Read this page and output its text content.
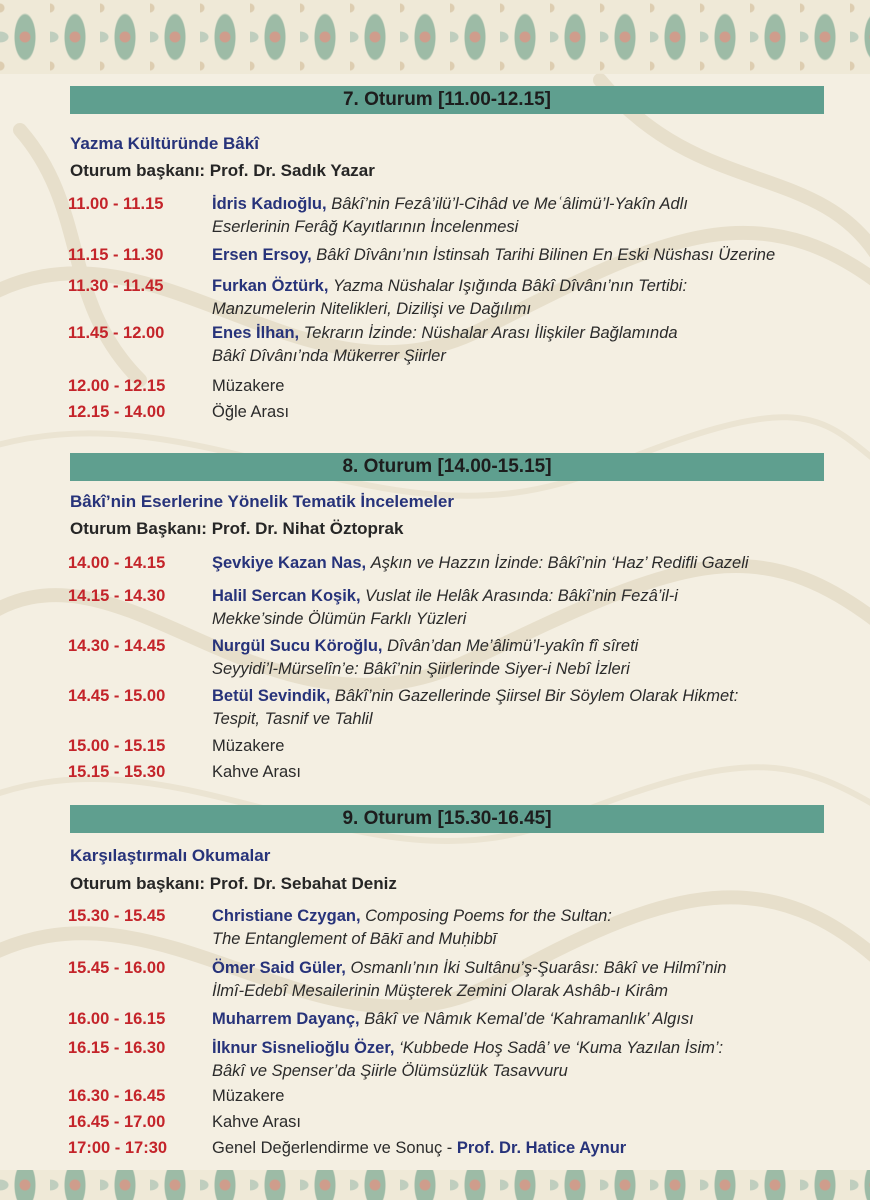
7. Oturum [11.00-12.15]
Yazma Kültüründe Bâkî
Oturum başkanı: Prof. Dr. Sadık Yazar
11.00 - 11.15	İdris Kadıoğlu, Bâkî’nin Fezâ’ilü’l-Cihâd ve Meʿâlimü’l-Yakîn Adlı
Eserlerinin Ferâğ Kayıtlarının İncelenmesi
11.15 - 11.30	Ersen Ersoy, Bâkî Dîvânı’nın İstinsah Tarihi Bilinen En Eski Nüshası Üzerine
11.30 - 11.45	Furkan Öztürk, Yazma Nüshalar Işığında Bâkî Dîvânı’nın Tertibi:
Manzumelerin Nitelikleri, Dizilişi ve Dağılımı
11.45 - 12.00	Enes İlhan, Tekrarın İzinde: Nüshalar Arası İlişkiler Bağlamında
Bâkî Dîvânı’nda Mükerrer Şiirler
12.00 - 12.15	Müzakere
12.15 - 14.00	Öğle Arası
8. Oturum [14.00-15.15]
Bâkî’nin Eserlerine Yönelik Tematik İncelemeler
Oturum Başkanı: Prof. Dr. Nihat Öztoprak
14.00 - 14.15	Şevkiye Kazan Nas, Aşkın ve Hazzın İzinde: Bâkî’nin ‘Haz’ Redifli Gazeli
14.15 - 14.30	Halil Sercan Koşik, Vuslat ile Helâk Arasında: Bâkî’nin Fezâ’il-i
Mekke’sinde Ölümün Farklı Yüzleri
14.30 - 14.45	Nurgül Sucu Köroğlu, Dîvân’dan Me’âlimü’l-yakîn fî sîreti
Seyyidi’l-Mürselîn’e: Bâkî’nin Şiirlerinde Siyer-i Nebî İzleri
14.45 - 15.00	Betül Sevindik, Bâkî’nin Gazellerinde Şiirsel Bir Söylem Olarak Hikmet:
Tespit, Tasnif ve Tahlil
15.00 - 15.15	Müzakere
15.15 - 15.30	Kahve Arası
9. Oturum [15.30-16.45]
Karşılaştırmalı Okumalar
Oturum başkanı: Prof. Dr. Sebahat Deniz
15.30 - 15.45	Christiane Czygan, Composing Poems for the Sultan:
The Entanglement of Bākī and Muḥibbī
15.45 - 16.00	Ömer Said Güler, Osmanlı’nın İki Sultânu’ş-Şuarâsı: Bâkî ve Hilmî’nin
İlmî-Edebî Mesailerinin Müşterek Zemini Olarak Ashâb-ı Kirâm
16.00 - 16.15	Muharrem Dayanç, Bâkî ve Nâmık Kemal’de ‘Kahramanlık’ Algısı
16.15 - 16.30	İlknur Sisnelioğlu Özer, ‘Kubbede Hoş Sadâ’ ve ‘Kuma Yazılan İsim’:
Bâkî ve Spenser’da Şiirle Ölümsüzlük Tasavvuru
16.30 - 16.45	Müzakere
16.45 - 17.00	Kahve Arası
17:00 - 17:30	Genel Değerlendirme ve Sonuç - Prof. Dr. Hatice Aynur
